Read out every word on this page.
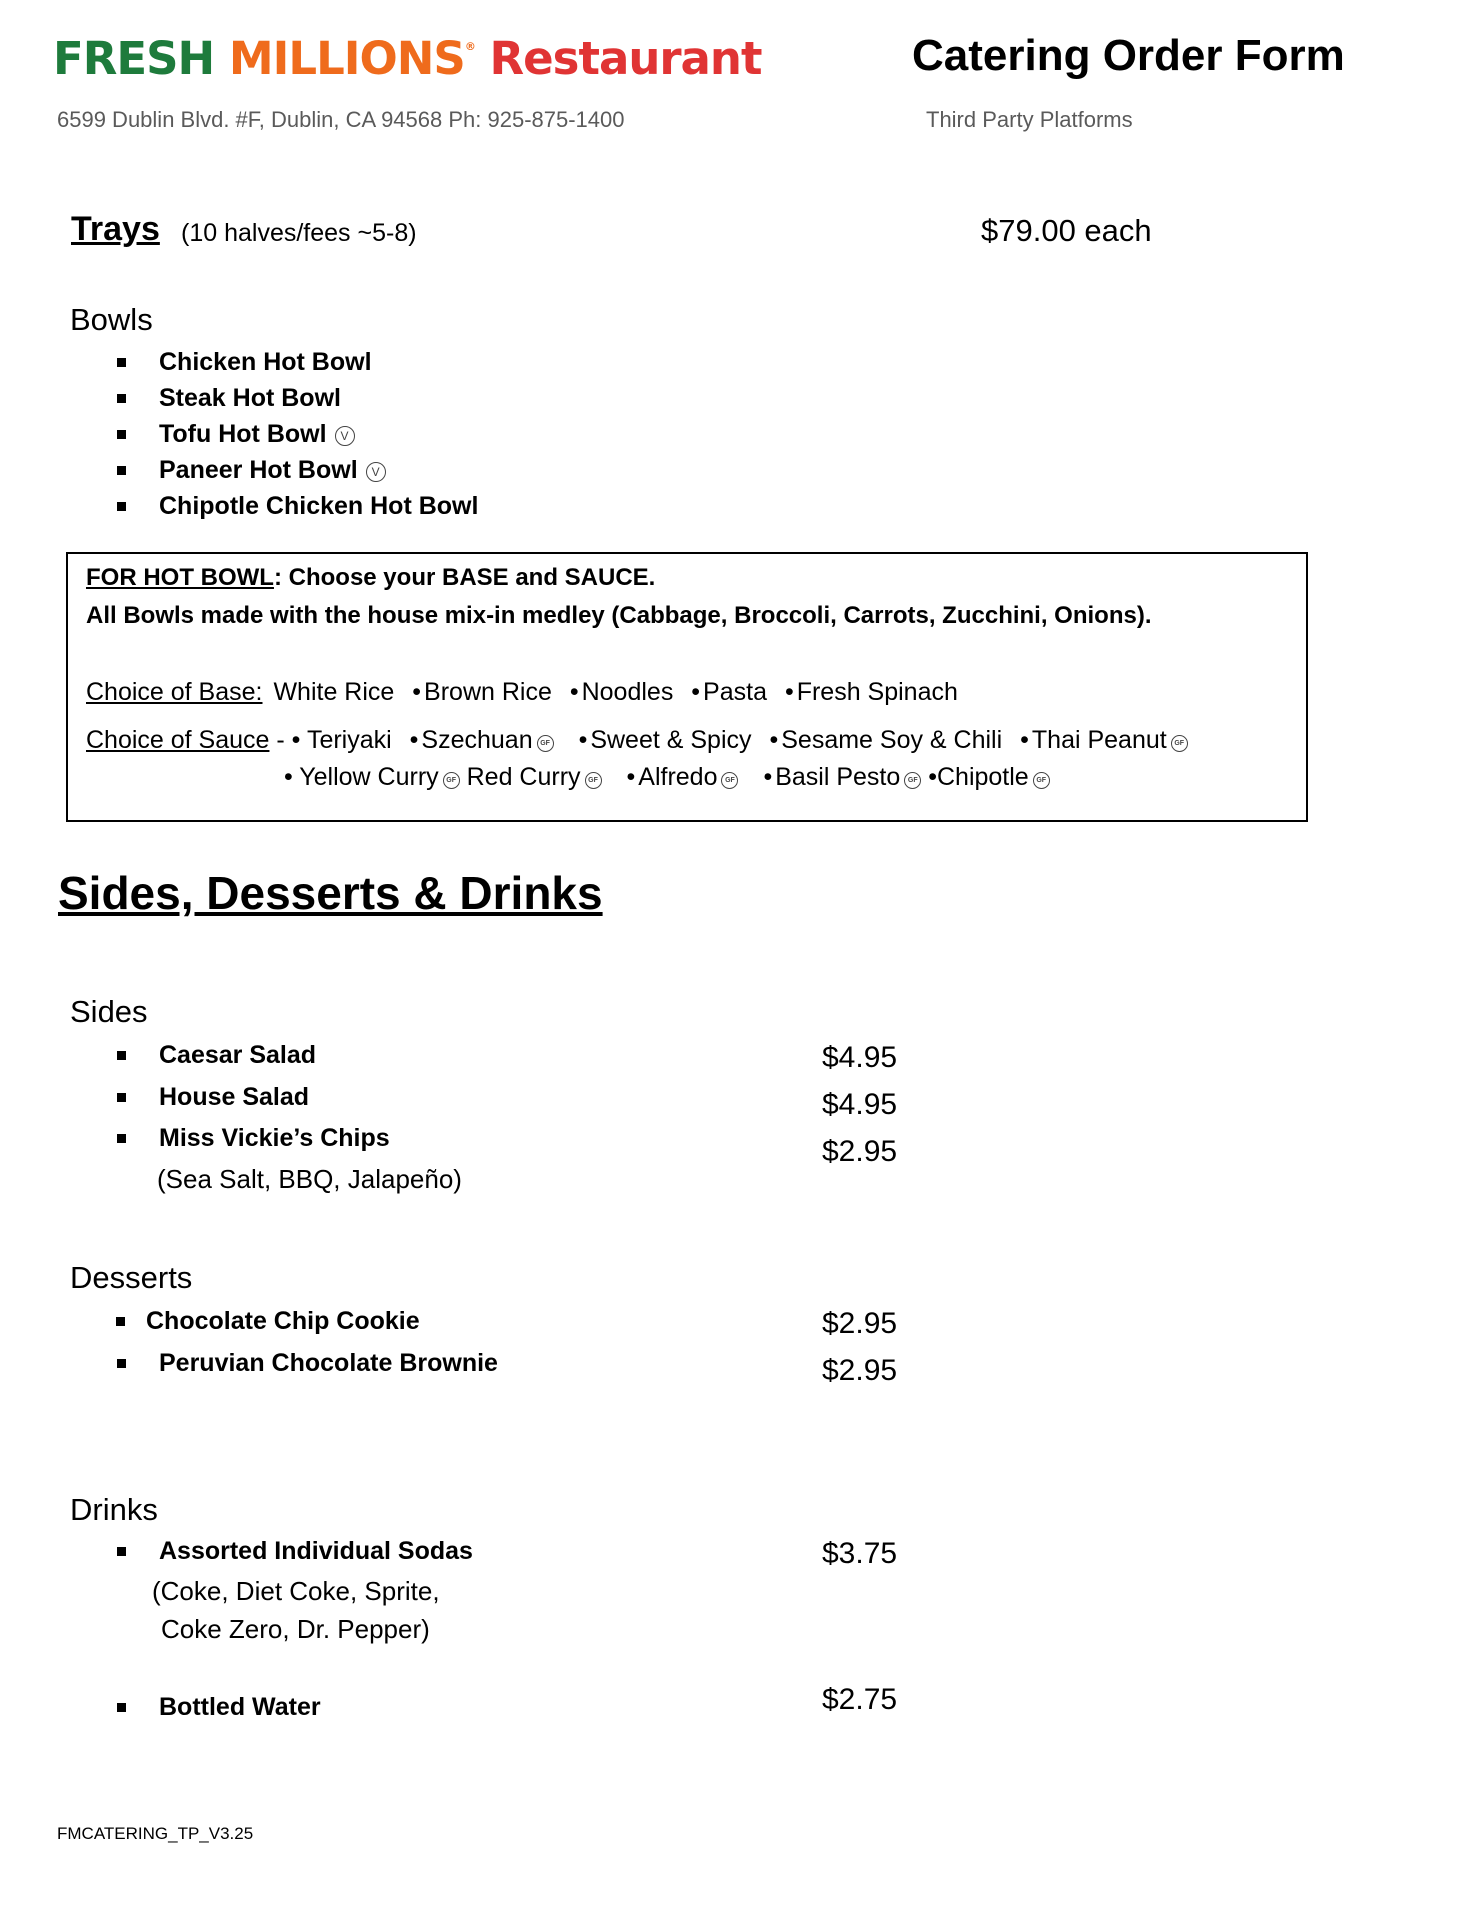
FRESH MILLIONS® Restaurant
6599 Dublin Blvd. #F, Dublin, CA 94568 Ph: 925-875-1400
Catering Order Form
Third Party Platforms
Trays (10 halves/fees ~5-8)	$79.00 each
Bowls
Chicken Hot Bowl
Steak Hot Bowl
Tofu Hot Bowl V
Paneer Hot Bowl V
Chipotle Chicken Hot Bowl
FOR HOT BOWL: Choose your BASE and SAUCE.
All Bowls made with the house mix-in medley (Cabbage, Broccoli, Carrots, Zucchini, Onions).
Choice of Base: White Rice • Brown Rice • Noodles • Pasta • Fresh Spinach
Choice of Sauce - • Teriyaki • Szechuan GF • Sweet & Spicy • Sesame Soy & Chili • Thai Peanut GF
• Yellow Curry GF Red Curry GF • Alfredo GF • Basil Pesto GF •Chipotle GF
Sides, Desserts & Drinks
Sides
Caesar Salad
House Salad
Miss Vickie’s Chips
(Sea Salt, BBQ, Jalapeño)
$4.95
$4.95
$2.95
Desserts
Chocolate Chip Cookie
Peruvian Chocolate Brownie
$2.95
$2.95
Drinks
Assorted Individual Sodas
Bottled Water
(Coke, Diet Coke, Sprite,
Coke Zero, Dr. Pepper)
$3.75
$2.75
FMCATERING_TP_V3.25
